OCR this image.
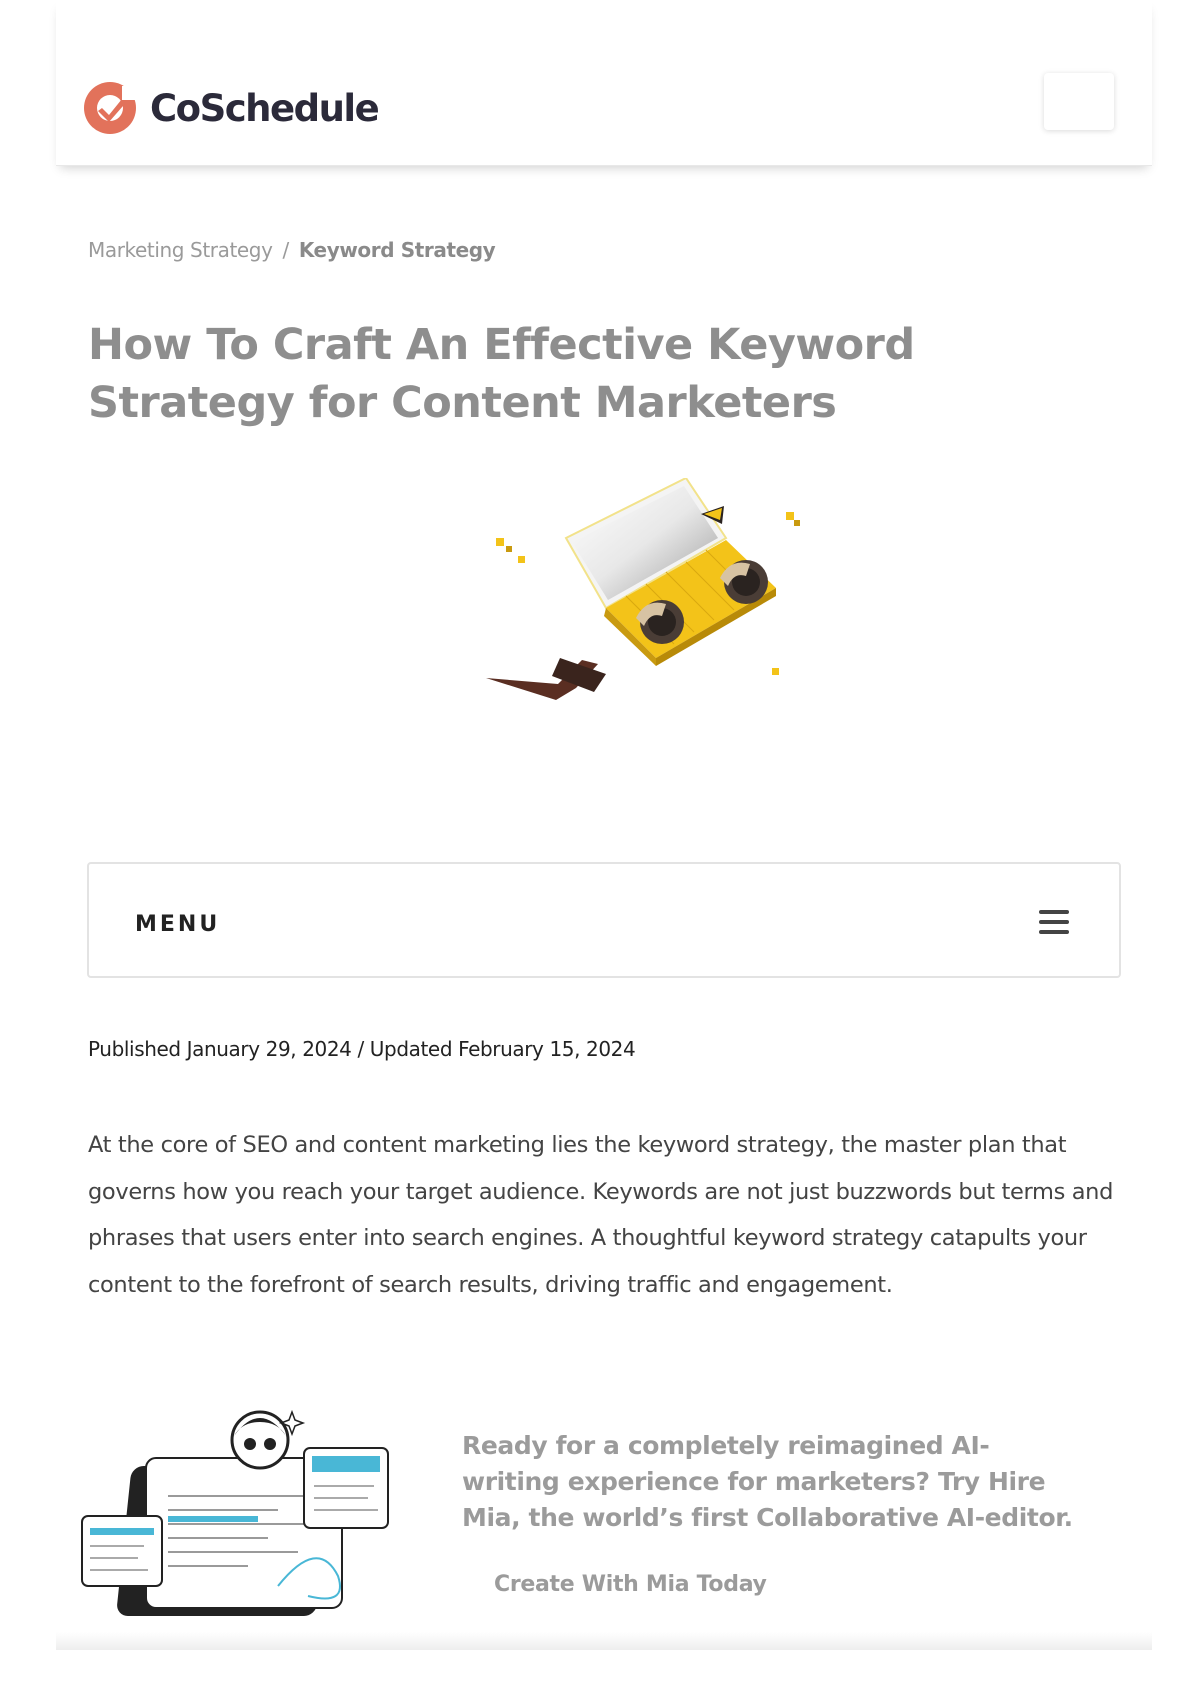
CoSchedule
Marketing Strategy / Keyword Strategy
How To Craft An Effective Keyword Strategy for Content Marketers
MENU
Published January 29, 2024 / Updated February 15, 2024

At the core of SEO and content marketing lies the keyword strategy, the master plan that governs how you reach your target audience. Keywords are not just buzzwords but terms and phrases that users enter into search engines. A thoughtful keyword strategy catapults your content to the forefront of search results, driving traffic and engagement.

Ready for a completely reimagined AI-writing experience for marketers? Try Hire Mia, the world’s first Collaborative AI-editor.

Create With Mia Today
